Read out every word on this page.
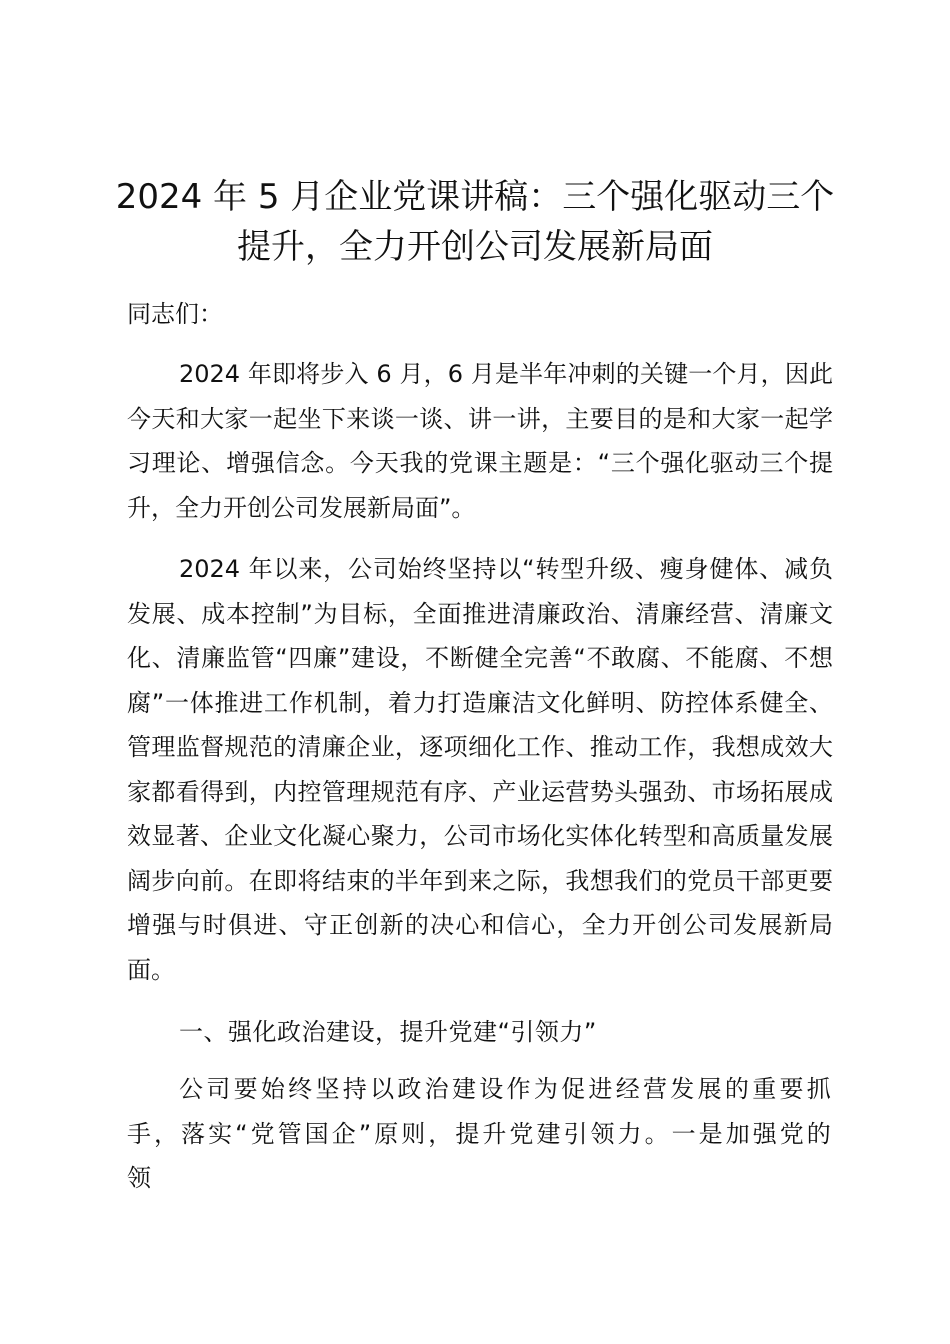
2024 年 5 月企业党课讲稿：三个强化驱动三个提升，全力开创公司发展新局面
同志们：

2024 年即将步入 6 月，6 月是半年冲刺的关键一个月，因此今天和大家一起坐下来谈一谈、讲一讲，主要目的是和大家一起学习理论、增强信念。今天我的党课主题是：“三个强化驱动三个提升，全力开创公司发展新局面”。

2024 年以来，公司始终坚持以“转型升级、瘦身健体、减负发展、成本控制”为目标，全面推进清廉政治、清廉经营、清廉文化、清廉监管“四廉”建设，不断健全完善“不敢腐、不能腐、不想腐”一体推进工作机制，着力打造廉洁文化鲜明、防控体系健全、管理监督规范的清廉企业，逐项细化工作、推动工作，我想成效大家都看得到，内控管理规范有序、产业运营势头强劲、市场拓展成效显著、企业文化凝心聚力，公司市场化实体化转型和高质量发展阔步向前。在即将结束的半年到来之际，我想我们的党员干部更要增强与时俱进、守正创新的决心和信心，全力开创公司发展新局面。

一、强化政治建设，提升党建“引领力”

公司要始终坚持以政治建设作为促进经营发展的重要抓手，落实“党管国企”原则，提升党建引领力。一是加强党的领
